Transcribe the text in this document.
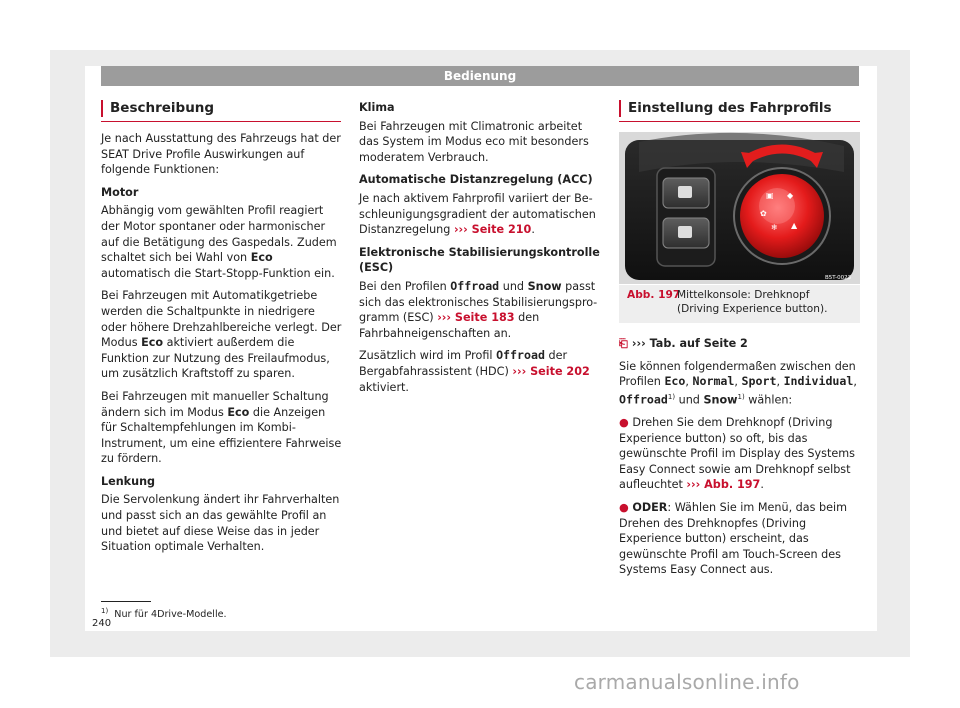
Bedienung
Beschreibung

Je nach Ausstattung des Fahrzeugs hat der SEAT Drive Profile Auswirkungen auf folgende Funktionen:

Motor

Abhängig vom gewählten Profil reagiert der Motor spontaner oder harmonischer auf die Betätigung des Gaspedals. Zudem schaltet sich bei Wahl von Eco automatisch die Start-Stopp-Funktion ein.

Bei Fahrzeugen mit Automatikgetriebe werden die Schaltpunkte in niedrigere oder höhere Drehzahlbereiche verlegt. Der Modus Eco aktiviert außerdem die Funktion zur Nutzung des Freilaufmodus, um zusätzlich Kraftstoff zu sparen.

Bei Fahrzeugen mit manueller Schaltung ändern sich im Modus Eco die Anzeigen für Schaltempfehlungen im Kombi-Instrument, um eine effizientere Fahrweise zu fördern.

Lenkung

Die Servolenkung ändert ihr Fahrverhalten und passt sich an das gewählte Profil an und bietet auf diese Weise das in jeder Situation optimale Verhalten.

Klima

Bei Fahrzeugen mit Climatronic arbeitet das System im Modus eco mit besonders moderatem Verbrauch.

Automatische Distanzregelung (ACC)

Je nach aktivem Fahrprofil variiert der Beschleunigungsgradient der automatischen Distanzregelung ››› Seite 210.

Elektronische Stabilisierungskontrolle (ESC)

Bei den Profilen Offroad und Snow passt sich das elektronisches Stabilisierungsprogramm (ESC) ››› Seite 183 den Fahrbahneigenschaften an.

Zusätzlich wird im Profil Offroad der Bergabfahrassistent (HDC) ››› Seite 202 aktiviert.

Einstellung des Fahrprofils
▣ ◆
✿
❄ ▲
B5T-0023
Abb. 197
Mittelkonsole: Drehknopf (Driving Experience button).

⎗ ››› Tab. auf Seite 2

Sie können folgendermaßen zwischen den Profilen Eco, Normal, Sport, Individual, Offroad$^{1)}$ und Snow$^{1)}$ wählen:

● Drehen Sie dem Drehknopf (Driving Experience button) so oft, bis das gewünschte Profil im Display des Systems Easy Connect sowie am Drehknopf selbst aufleuchtet ››› Abb. 197.

● ODER: Wählen Sie im Menü, das beim Drehen des Drehknopfes (Driving Experience button) erscheint, das gewünschte Profil am Touch-Screen des Systems Easy Connect aus.

$^{1)}$ Nur für 4Drive-Modelle.
240
carmanualsonline.info
